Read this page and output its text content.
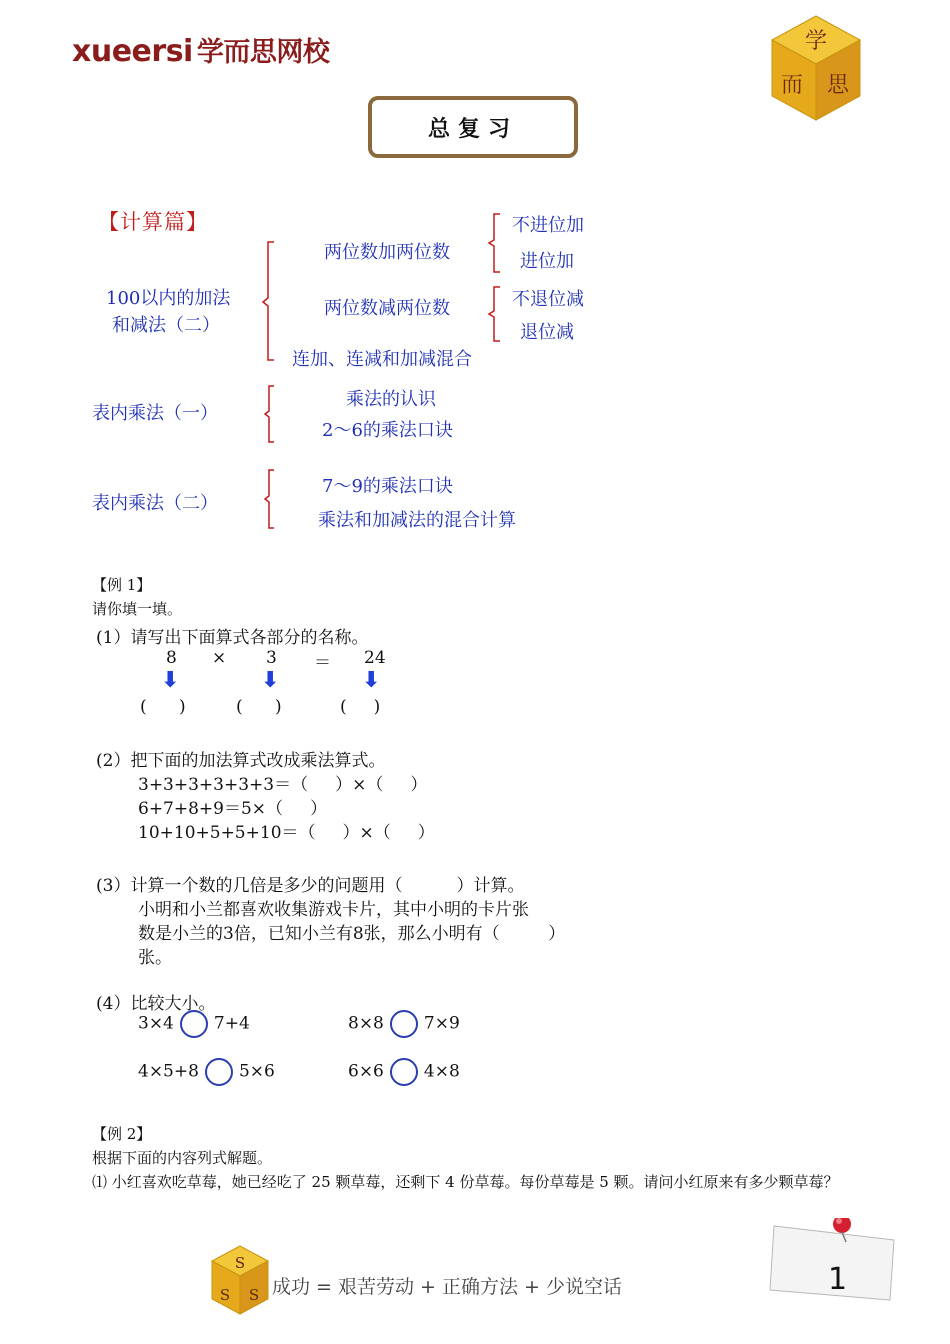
xueersi 学而思网校	学
而 思
总复习
【计算篇】
100以内的加法
和减法（二）
两位数加两位数
不进位加
进位加
两位数减两位数	不退位减
退位减
连加、连减和加减混合
表内乘法（一）
乘法的认识
2～6的乘法口诀
表内乘法（二）
7～9的乘法口诀
乘法和加减法的混合计算
【例 1】
请你填一填。
(1）请写出下面算式各部分的名称。
8 × 3 ＝ 24
⬇	⬇	⬇
(      )	(      )	(     )
(2）把下面的加法算式改成乘法算式。
3+3+3+3+3+3＝（     ）×（     ）
6+7+8+9＝5×（     ）
10+10+5+5+10＝（     ）×（     ）
(3）计算一个数的几倍是多少的问题用（          ）计算。
小明和小兰都喜欢收集游戏卡片，其中小明的卡片张
数是小兰的3倍，已知小兰有8张，那么小明有（         ）
张。
(4）比较大小。
3×4 7+4	8×8 7×9
4×5+8 5×6	6×6 4×8
【例 2】
根据下面的内容列式解题。
⑴ 小红喜欢吃草莓，她已经吃了 25 颗草莓，还剩下 4 份草莓。每份草莓是 5 颗。请问小红原来有多少颗草莓？
S
S S 成功 = 艰苦劳动 + 正确方法 + 少说空话	1
